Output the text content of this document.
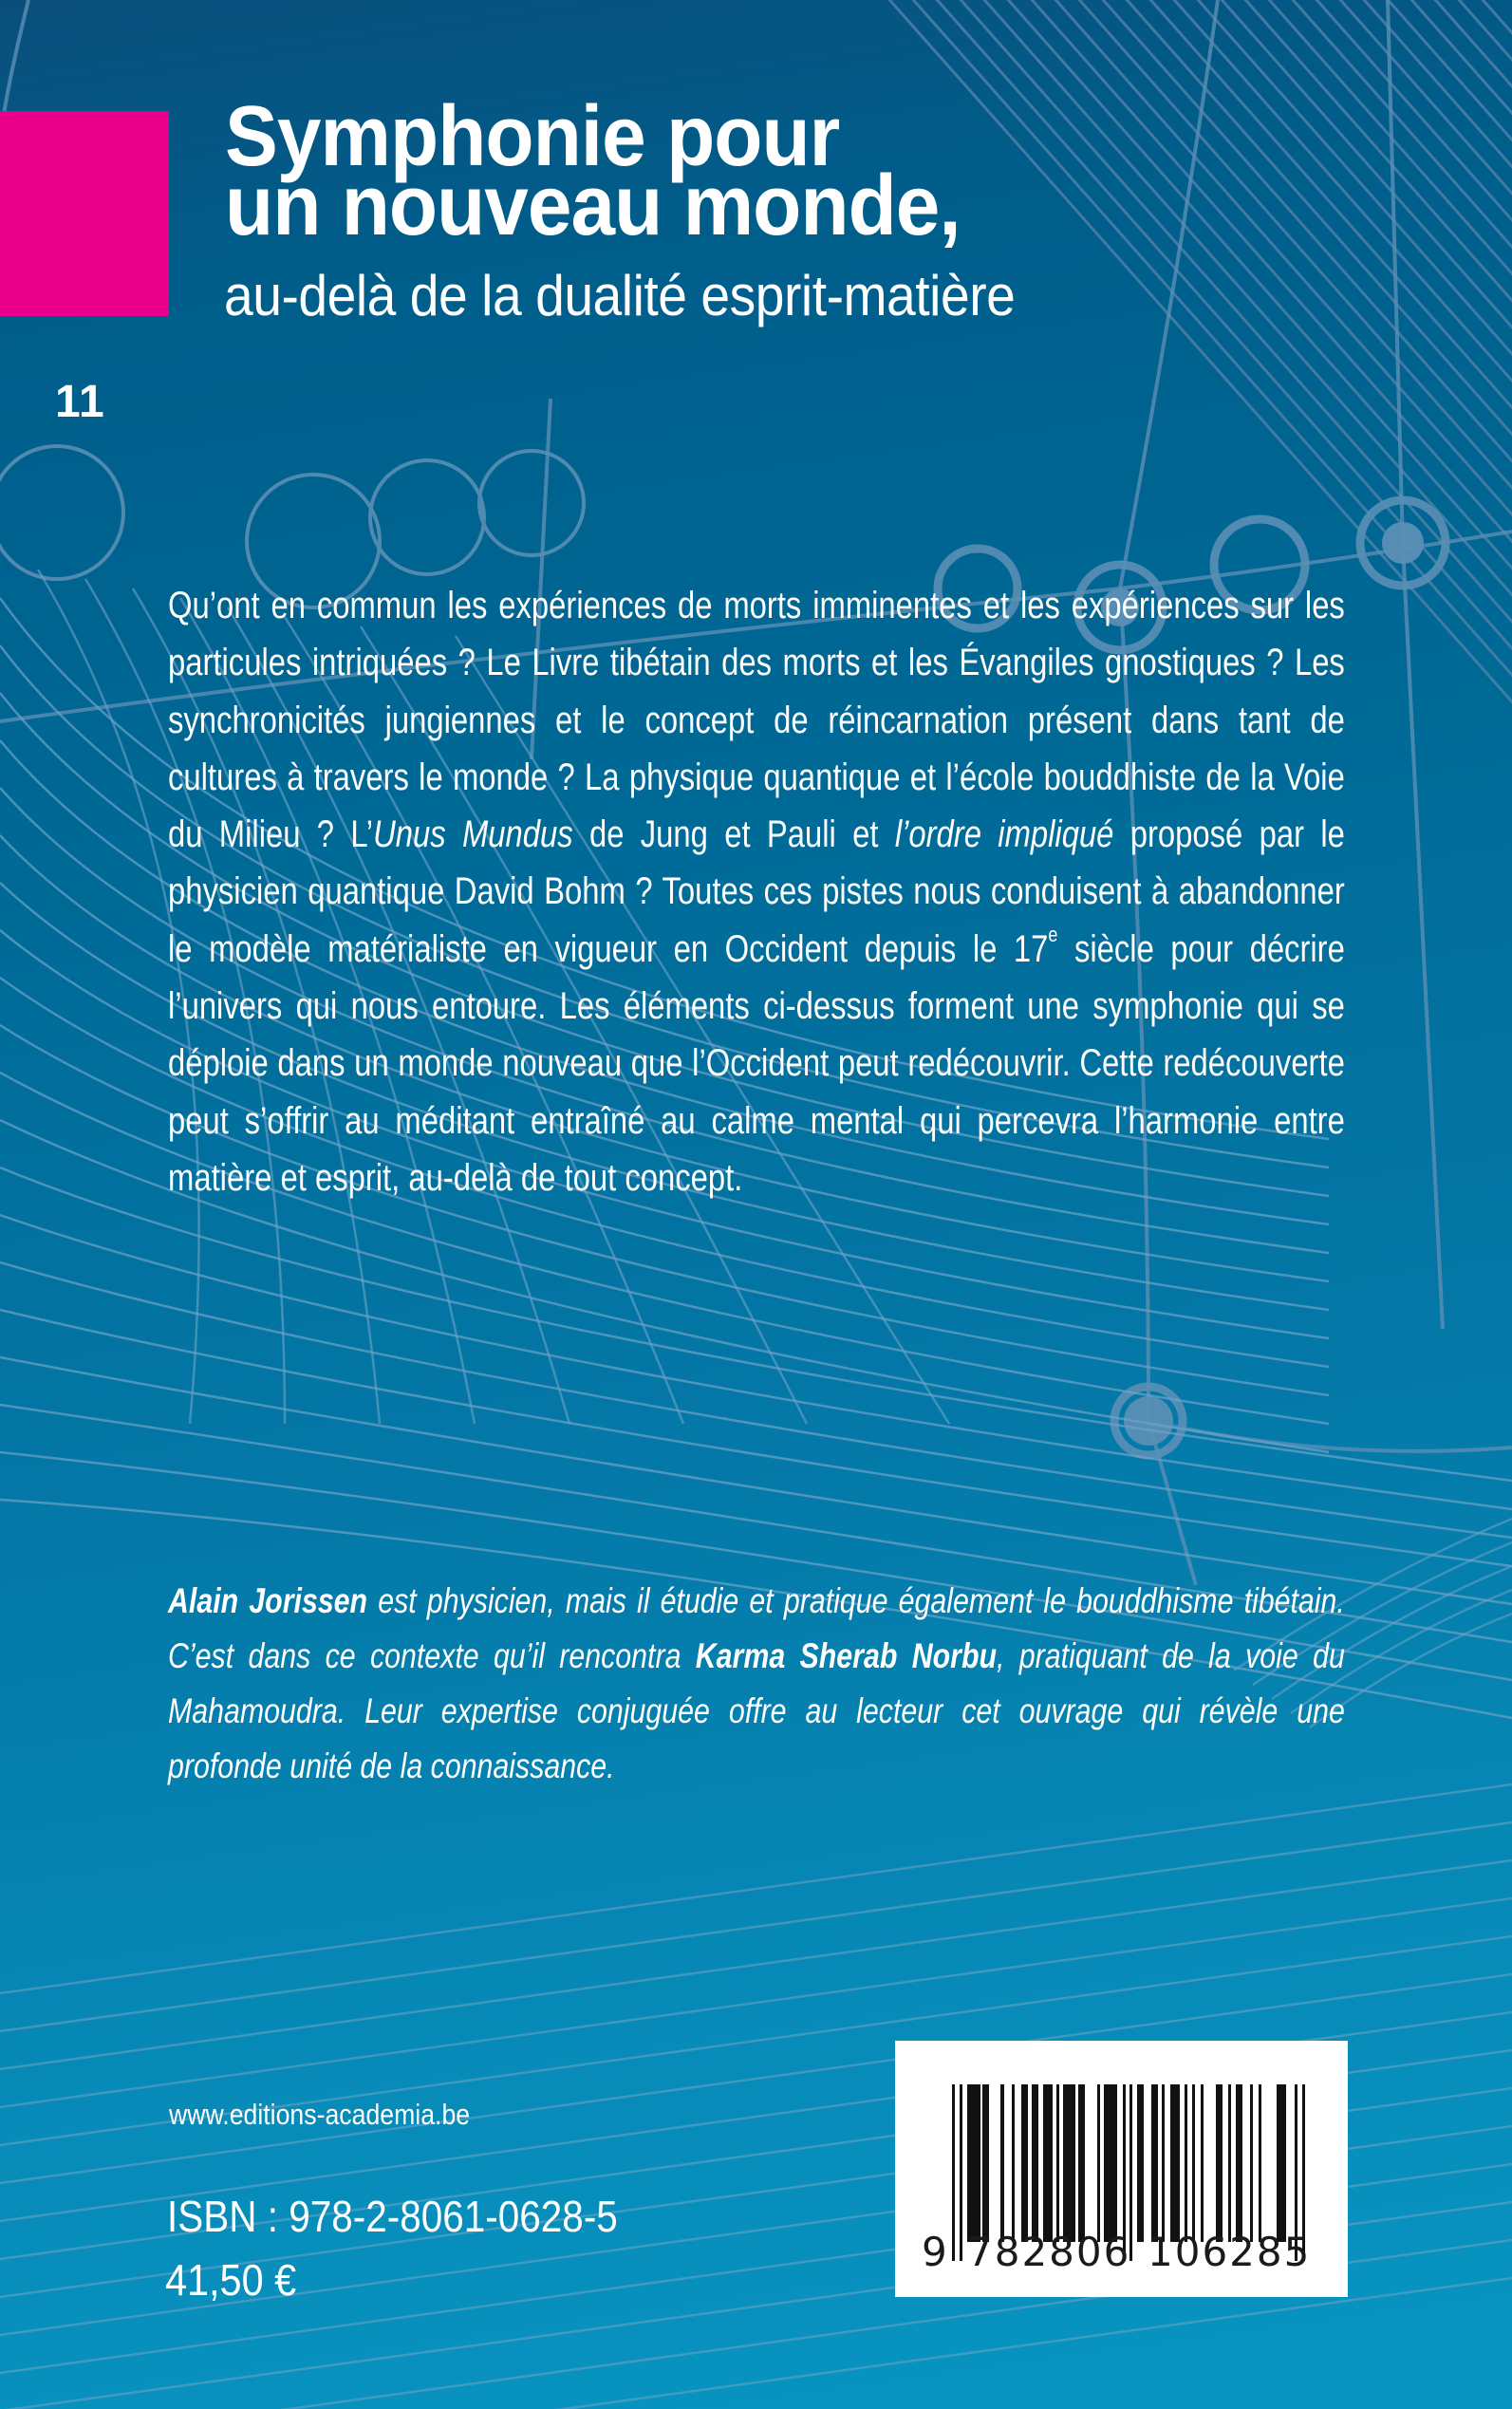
11
Symphonie pour
un nouveau monde,
au-delà de la dualité esprit-matière
Qu’ont en commun les expériences de morts imminentes et les expériences sur les particules intriquées ? Le Livre tibétain des morts et les Évangiles gnostiques ? Les synchronicités jungiennes et le concept de réincarnation présent dans tant de cultures à travers le monde ? La physique quantique et l’école bouddhiste de la Voie du Milieu ? L’Unus Mundus de Jung et Pauli et l’ordre impliqué proposé par le physicien quantique David Bohm ? Toutes ces pistes nous conduisent à abandonner le modèle matérialiste en vigueur en Occident depuis le 17e siècle pour décrire l’univers qui nous entoure. Les éléments ci-dessus forment une symphonie qui se déploie dans un monde nouveau que l’Occident peut redécouvrir. Cette redécouverte peut s’offrir au méditant entraîné au calme mental qui percevra l’harmonie entre matière et esprit, au-delà de tout concept.
Alain Jorissen est physicien, mais il étudie et pratique également le bouddhisme tibétain. C’est dans ce contexte qu’il rencontra Karma Sherab Norbu, pratiquant de la voie du Mahamoudra. Leur expertise conjuguée offre au lecteur cet ouvrage qui révèle une profonde unité de la connaissance.
www.editions-academia.be
ISBN : 978-2-8061-0628-5
41,50 €
9 782806 106285
